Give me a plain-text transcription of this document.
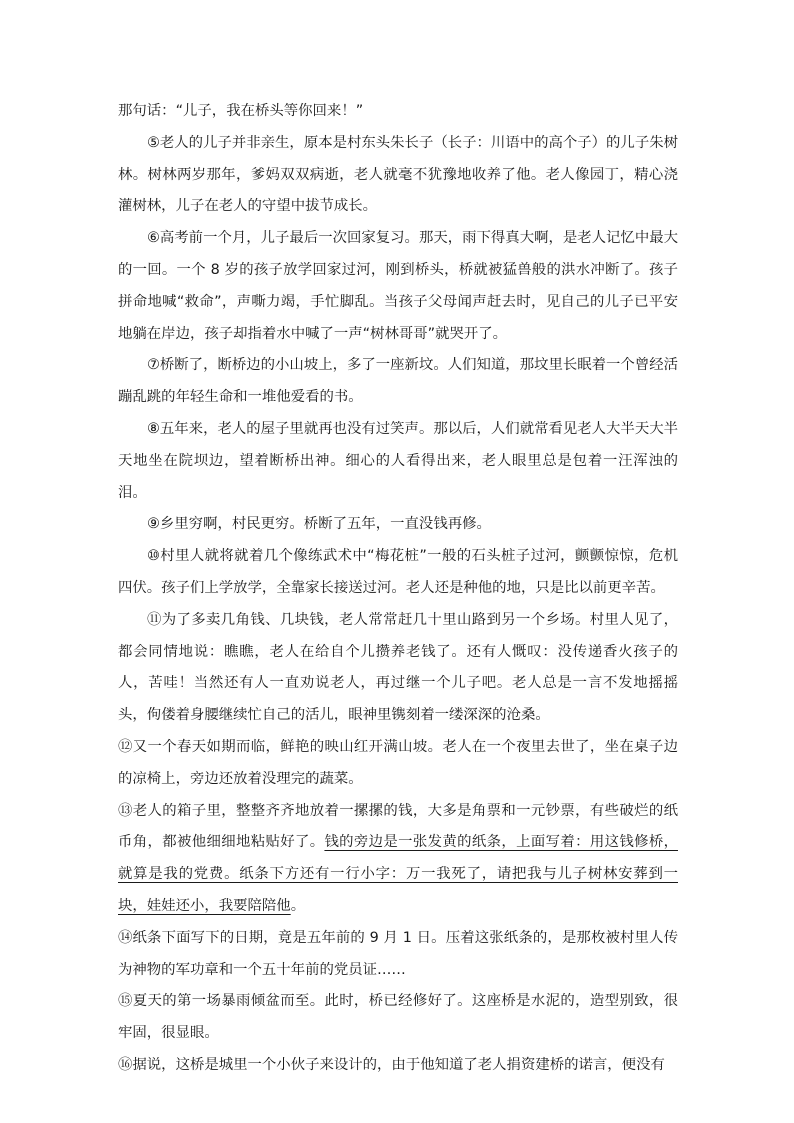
那句话：“儿子，我在桥头等你回来！”

⑤老人的儿子并非亲生，原本是村东头朱长子（长子：川语中的高个子）的儿子朱树林。树林两岁那年，爹妈双双病逝，老人就毫不犹豫地收养了他。老人像园丁，精心浇灌树林，儿子在老人的守望中拔节成长。

⑥高考前一个月，儿子最后一次回家复习。那天，雨下得真大啊，是老人记忆中最大的一回。一个 8 岁的孩子放学回家过河，刚到桥头，桥就被猛兽般的洪水冲断了。孩子拼命地喊“救命”，声嘶力竭，手忙脚乱。当孩子父母闻声赶去时，见自己的儿子已平安地躺在岸边，孩子却指着水中喊了一声“树林哥哥”就哭开了。

⑦桥断了，断桥边的小山坡上，多了一座新坟。人们知道，那坟里长眠着一个曾经活蹦乱跳的年轻生命和一堆他爱看的书。

⑧五年来，老人的屋子里就再也没有过笑声。那以后，人们就常看见老人大半天大半天地坐在院坝边，望着断桥出神。细心的人看得出来，老人眼里总是包着一汪浑浊的泪。

⑨乡里穷啊，村民更穷。桥断了五年，一直没钱再修。

⑩村里人就将就着几个像练武术中“梅花桩”一般的石头桩子过河，颤颤惊惊，危机四伏。孩子们上学放学，全靠家长接送过河。老人还是种他的地，只是比以前更辛苦。

⑪为了多卖几角钱、几块钱，老人常常赶几十里山路到另一个乡场。村里人见了，都会同情地说：瞧瞧，老人在给自个儿攒养老钱了。还有人慨叹：没传递香火孩子的人，苦哇！当然还有人一直劝说老人，再过继一个儿子吧。老人总是一言不发地摇摇头，佝偻着身腰继续忙自己的活儿，眼神里镌刻着一缕深深的沧桑。

⑫又一个春天如期而临，鲜艳的映山红开满山坡。老人在一个夜里去世了，坐在桌子边的凉椅上，旁边还放着没理完的蔬菜。

⑬老人的箱子里，整整齐齐地放着一摞摞的钱，大多是角票和一元钞票，有些破烂的纸币角，都被他细细地粘贴好了。钱的旁边是一张发黄的纸条，上面写着：用这钱修桥，就算是我的党费。纸条下方还有一行小字：万一我死了，请把我与儿子树林安葬到一块，娃娃还小，我要陪陪他。

⑭纸条下面写下的日期，竟是五年前的 9 月 1 日。压着这张纸条的，是那枚被村里人传为神物的军功章和一个五十年前的党员证……

⑮夏天的第一场暴雨倾盆而至。此时，桥已经修好了。这座桥是水泥的，造型别致，很牢固，很显眼。

⑯据说，这桥是城里一个小伙子来设计的，由于他知道了老人捐资建桥的诺言，便没有
